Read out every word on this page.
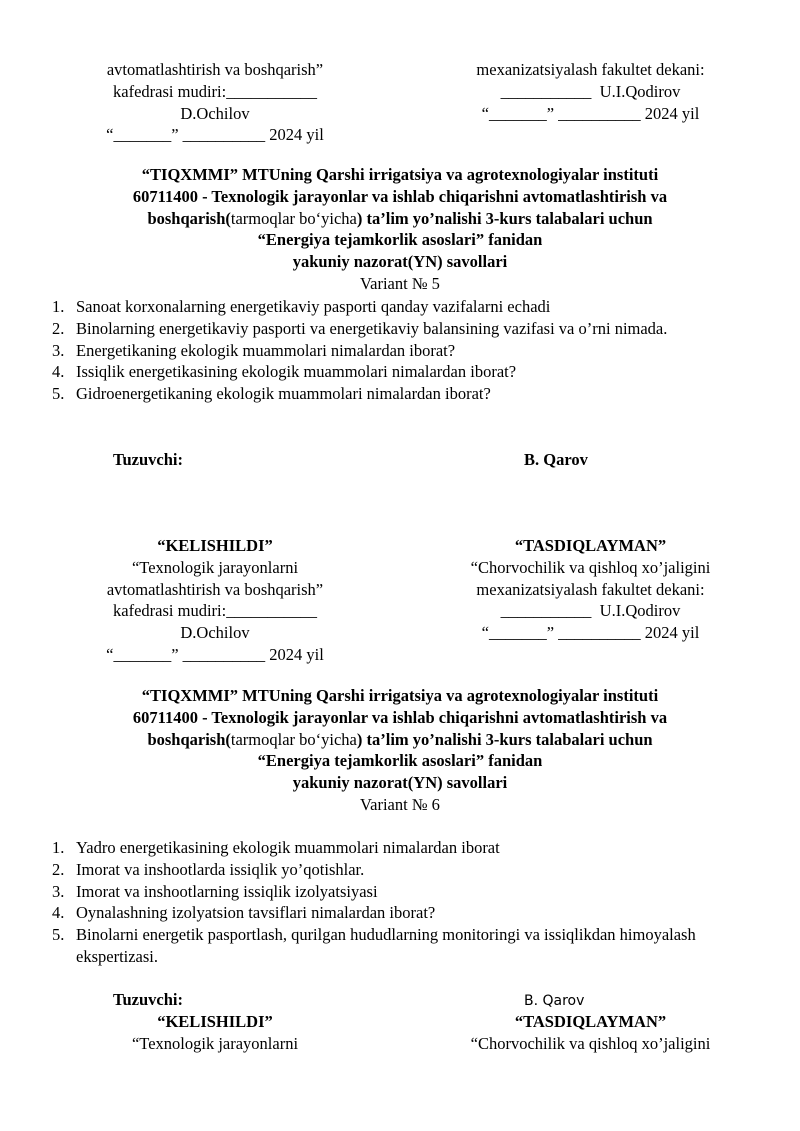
avtomatlashtirish va boshqarish”
kafedrasi mudiri:___________
D.Ochilov
“_______” __________ 2024 yil
mexanizatsiyalash fakultet dekani:
___________  U.I.Qodirov
“_______” __________ 2024 yil
“TIQXMMI” MTUning Qarshi irrigatsiya va agrotexnologiyalar instituti
60711400 - Texnologik jarayonlar va ishlab chiqarishni avtomatlashtirish va
boshqarish(tarmoqlar bo‘yicha) ta’lim yo’nalishi 3-kurs talabalari uchun
“Energiya tejamkorlik asoslari” fanidan
yakuniy nazorat(YN) savollari
Variant № 5
1. Sanoat korxonalarning energetikaviy pasporti qanday vazifalarni echadi
2. Binolarning energetikaviy pasporti va energetikaviy balansining vazifasi va o’rni nimada.
3. Energetikaning ekologik muammolari nimalardan iborat?
4. Issiqlik energetikasining ekologik muammolari nimalardan iborat?
5. Gidroenergetikaning ekologik muammolari nimalardan iborat?
Tuzuvchi:	B. Qarov
“KELISHILDI”
“Texnologik jarayonlarni
avtomatlashtirish va boshqarish”
kafedrasi mudiri:___________
D.Ochilov
“_______” __________ 2024 yil
“TASDIQLAYMAN”
“Chorvochilik va qishloq xo’jaligini
mexanizatsiyalash fakultet dekani:
___________  U.I.Qodirov
“_______” __________ 2024 yil
“TIQXMMI” MTUning Qarshi irrigatsiya va agrotexnologiyalar instituti
60711400 - Texnologik jarayonlar va ishlab chiqarishni avtomatlashtirish va
boshqarish(tarmoqlar bo‘yicha) ta’lim yo’nalishi 3-kurs talabalari uchun
“Energiya tejamkorlik asoslari” fanidan
yakuniy nazorat(YN) savollari
Variant № 6
1. Yadro energetikasining ekologik muammolari nimalardan iborat
2. Imorat va inshootlarda issiqlik yo’qotishlar.
3. Imorat va inshootlarning issiqlik izolyatsiyasi
4. Oynalashning izolyatsion tavsiflari nimalardan iborat?
5. Binolarni energetik pasportlash, qurilgan hududlarning monitoringi va issiqlikdan himoyalash ekspertizasi.
Tuzuvchi:	B. Qarov
“KELISHILDI”
“Texnologik jarayonlarni
“TASDIQLAYMAN”
“Chorvochilik va qishloq xo’jaligini
